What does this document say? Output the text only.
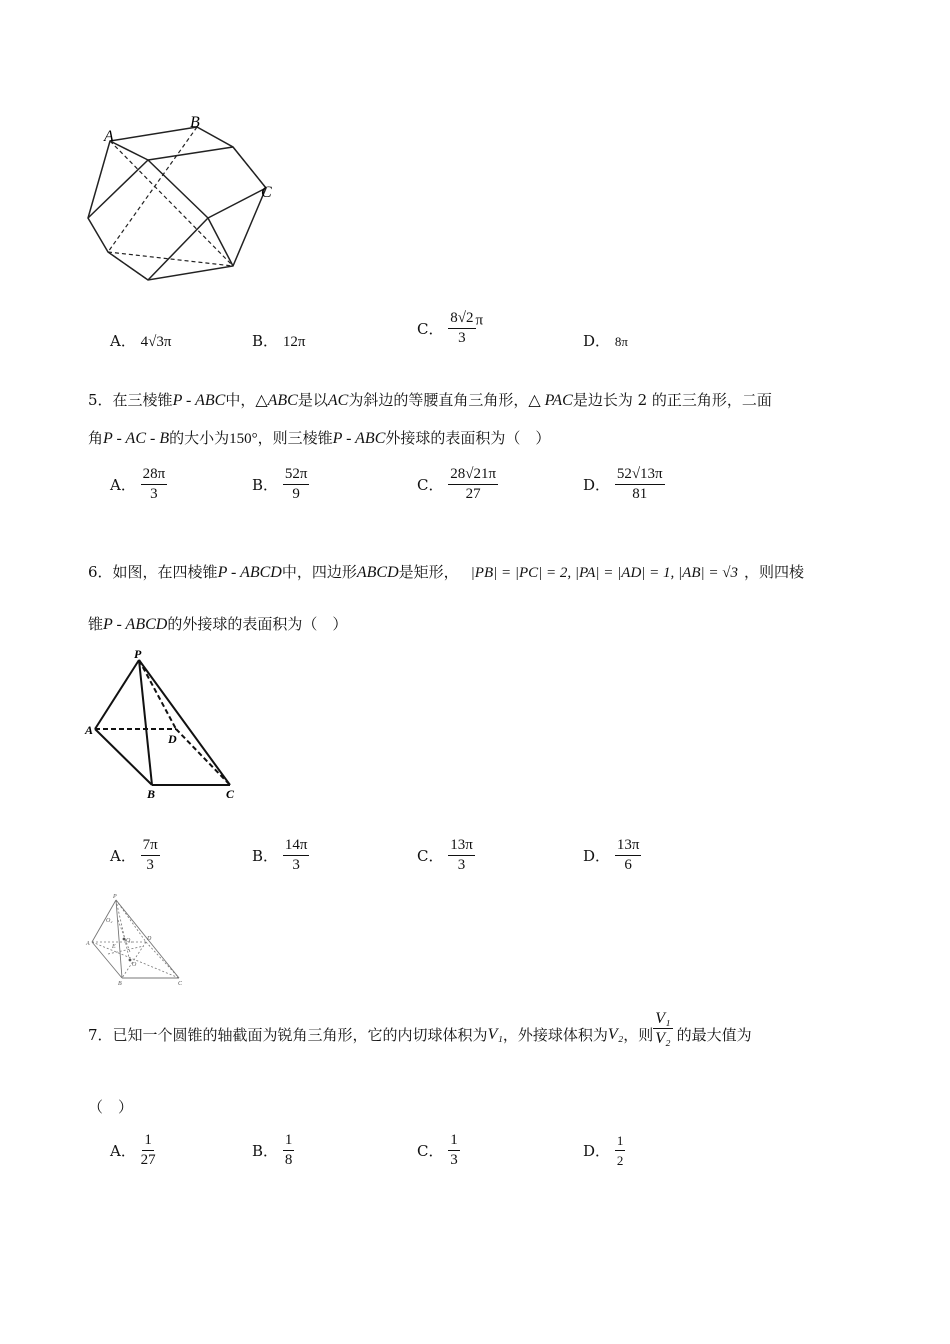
A
B
C
A． 4√3π	B． 12π
C． $\frac{8√2}{3}$ π
D． 8π
5．在三棱锥P - ABC中，△ABC是以AC为斜边的等腰直角三角形，△ PAC是边长为 2 的正三角形，二面
角P - AC - B的大小为150°，则三棱锥P - ABC外接球的表面积为（　）
A． $\frac{28\pi}{3}$	B． $\frac{52\pi}{9}$	C． $\frac{28√21\pi}{27}$	D． $\frac{52√13\pi}{81}$
6．如图，在四棱锥P - ABCD中，四边形ABCD是矩形， |PB| = |PC| = 2, |PA| = |AD| = 1, |AB| = √3 ，则四棱
锥P - ABCD的外接球的表面积为（　）
P
A
D
B	C
A． $\frac{7\pi}{3}$	B． $\frac{14\pi}{3}$	C． $\frac{13\pi}{3}$	D． $\frac{13\pi}{6}$
P
A
D
B	C
E
O
O₁
O₂
7． 已知一个圆锥的轴截面为锐角三角形，它的内切球体积为 V₁ ，外接球体积为 V₂ ，则 $\frac{\text{V₁}}{\text{V₂}}$ 的最大值为
（　）
A． $\frac{1}{27}$	B． $\frac{1}{8}$	C． $\frac{1}{3}$	D． $\frac{1}{2}$
